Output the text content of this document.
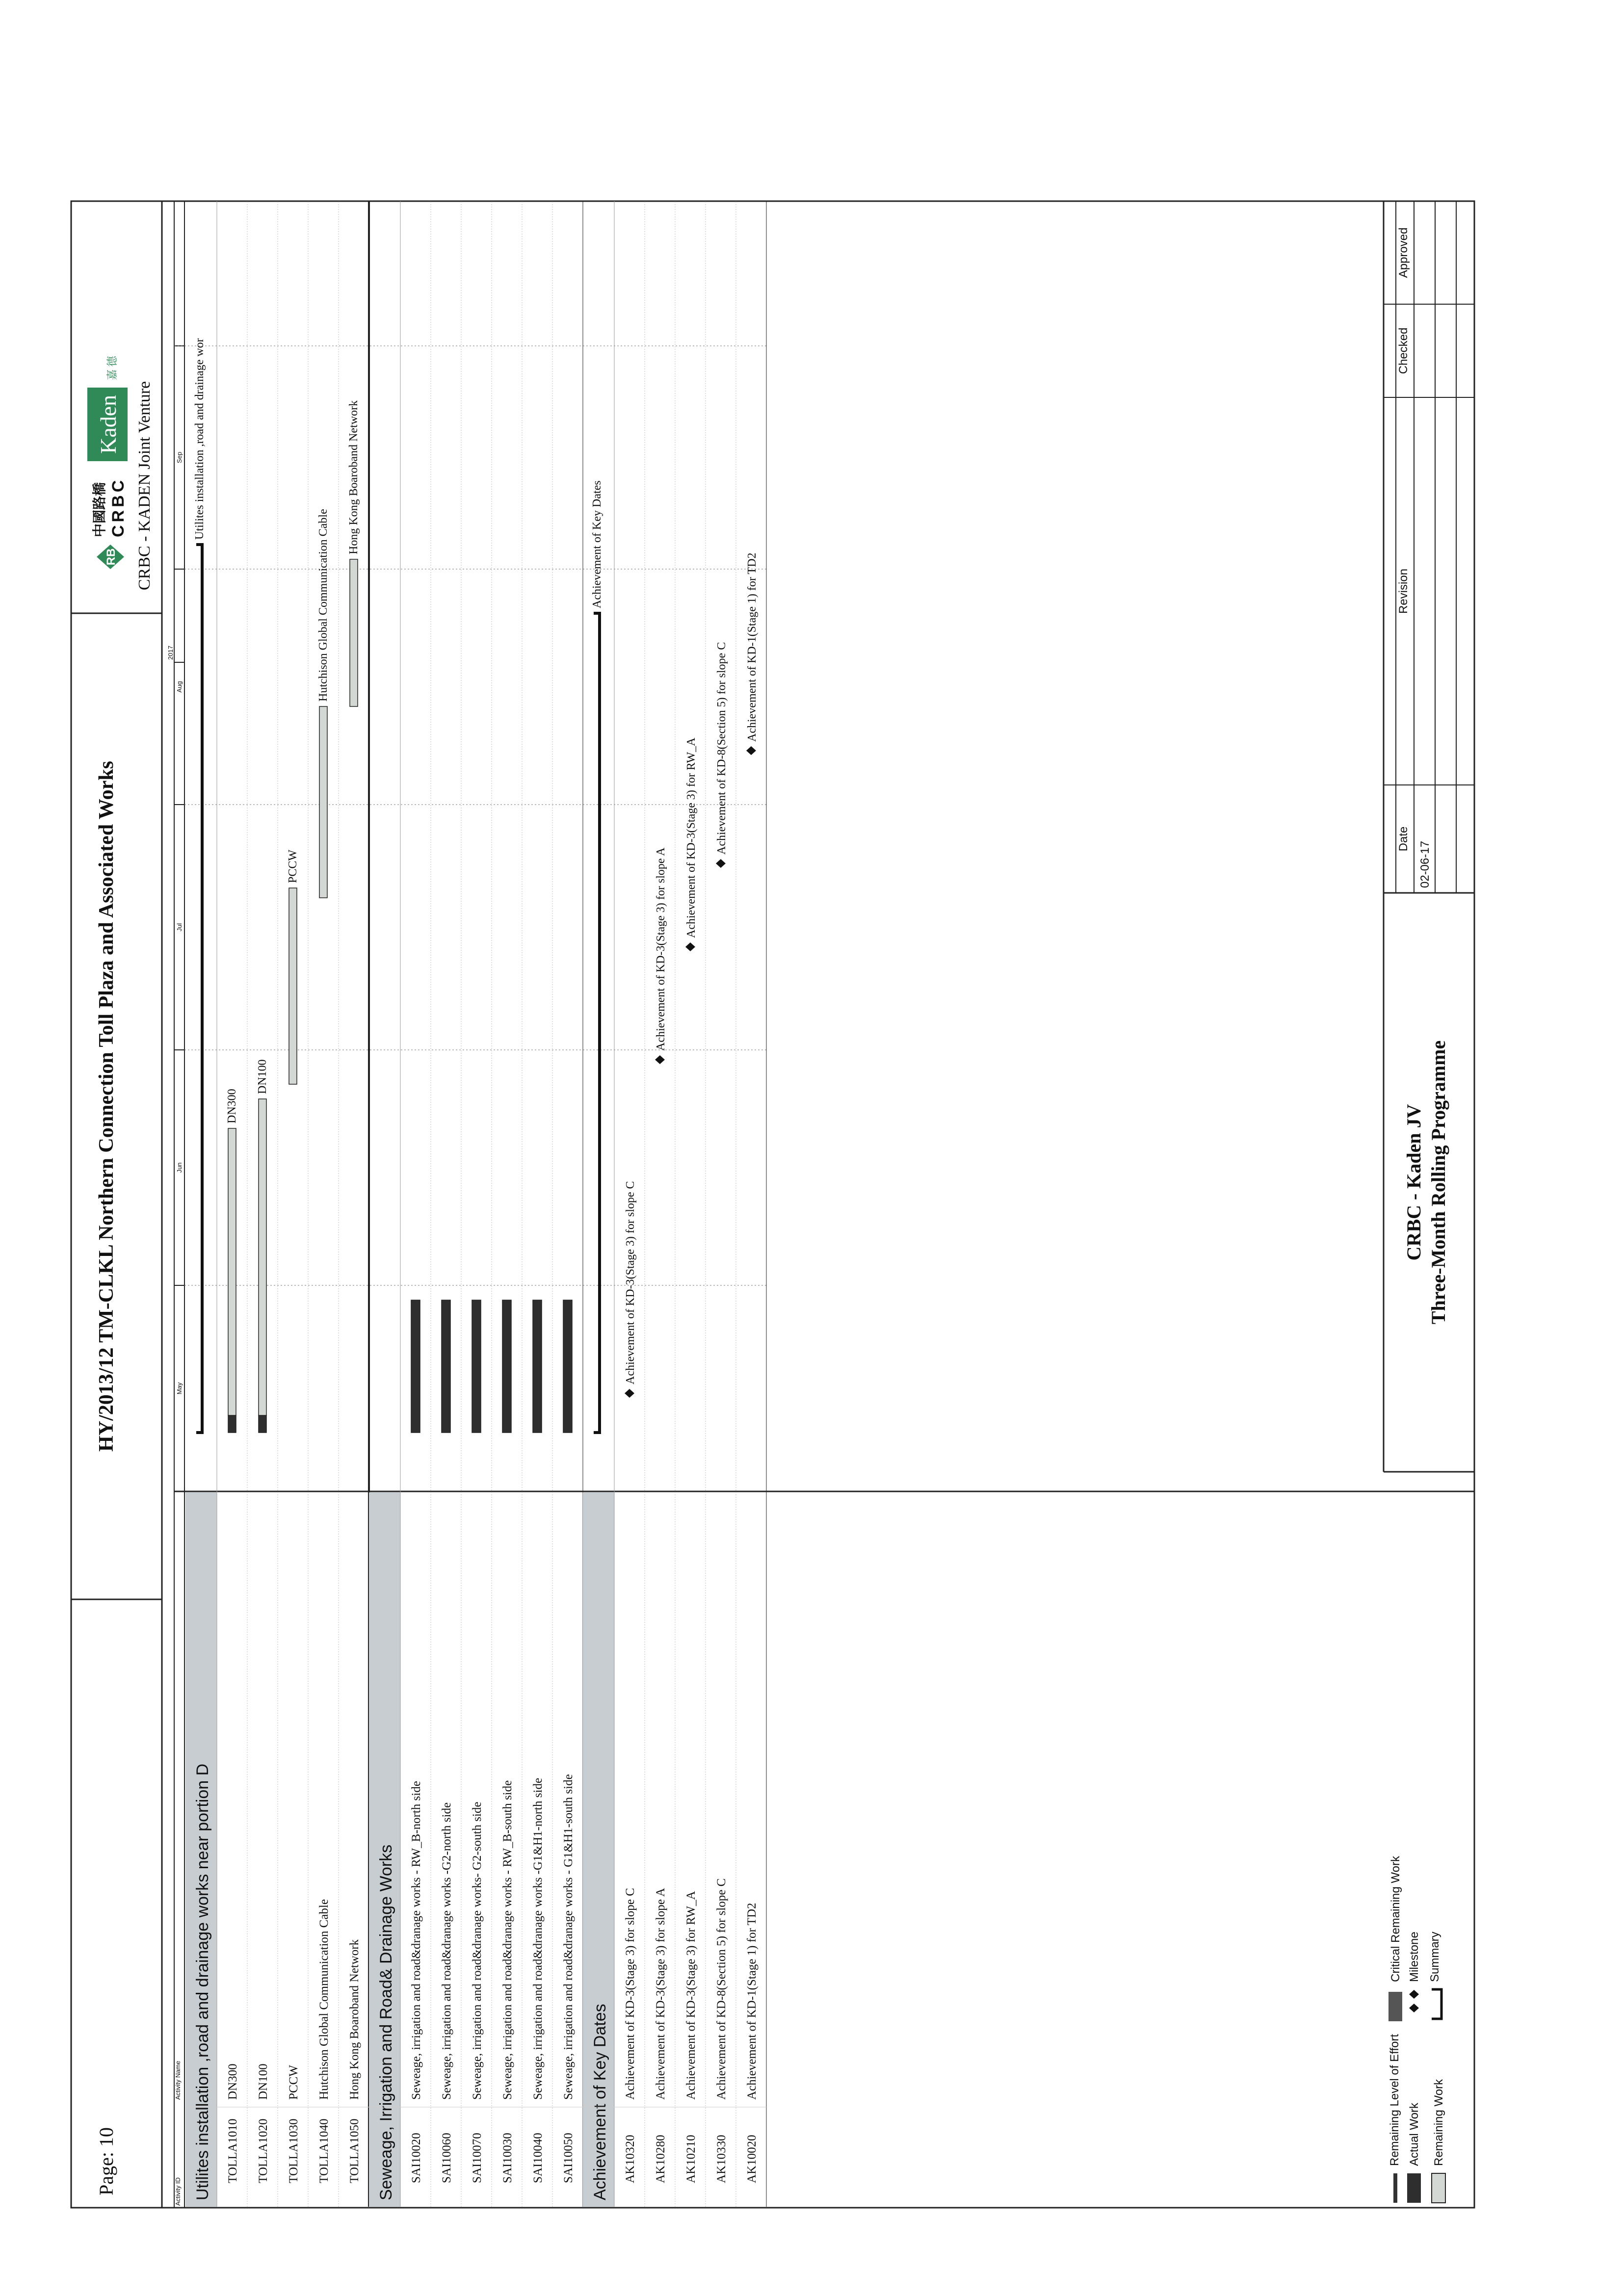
Page: 10
HY/2013/12 TM-CLKL Northern Connection Toll Plaza and Associated Works
RB
中國路橋 CRBC
Kaden
嘉 德
CRBC - KADEN Joint Venture
Activity ID
Activity Name
2017
May
Jun
Jul
Aug
Sep
Utilites installation ,road and drainage works near portion D TOLLA1010
DN300
TOLLA1020
DN100
TOLLA1030
PCCW
TOLLA1040
Hutchison Global Communication Cable
TOLLA1050
Hong Kong Boaroband Network Seweage, Irrigation and Road& Drainage Works SAI10020
Seweage, irrigation and road&dranage works - RW_B-north side
SAI10060
Seweage, irrigation and road&dranage works -G2-north side
SAI10070
Seweage, irrigation and road&dranage works- G2-south side
SAI10030
Seweage, irrigation and road&dranage works - RW_B-south side
SAI10040
Seweage, irrigation and road&dranage works -G1&H1-north side
SAI10050
Seweage, irrigation and road&dranage works - G1&H1-south side
Achievement of Key Dates AK10320
Achievement of KD-3(Stage 3) for slope C
AK10280
Achievement of KD-3(Stage 3) for slope A
AK10210
Achievement of KD-3(Stage 3) for RW_A
AK10330
Achievement of KD-8(Section 5) for slope C
AK10020
Achievement of KD-1(Stage 1) for TD2
Utilites installation ,road and drainage wor
DN300
DN100
PCCW
Hutchison Global Communication Cable
Hong Kong Boaroband Network	Achievement of Key Dates
Achievement of KD-3(Stage 3) for slope C
Achievement of KD-3(Stage 3) for slope A
Achievement of KD-3(Stage 3) for RW_A Achievement of KD-8(Section 5) for slope C Achievement of KD-1(Stage 1) for TD2
Remaining Level of Effort Actual Work Remaining Work
Critical Remaining Work Milestone Summary
CRBC - Kaden JV Three-Month Rolling Programme
Date
Revision
Checked
Approved
02-06-17
